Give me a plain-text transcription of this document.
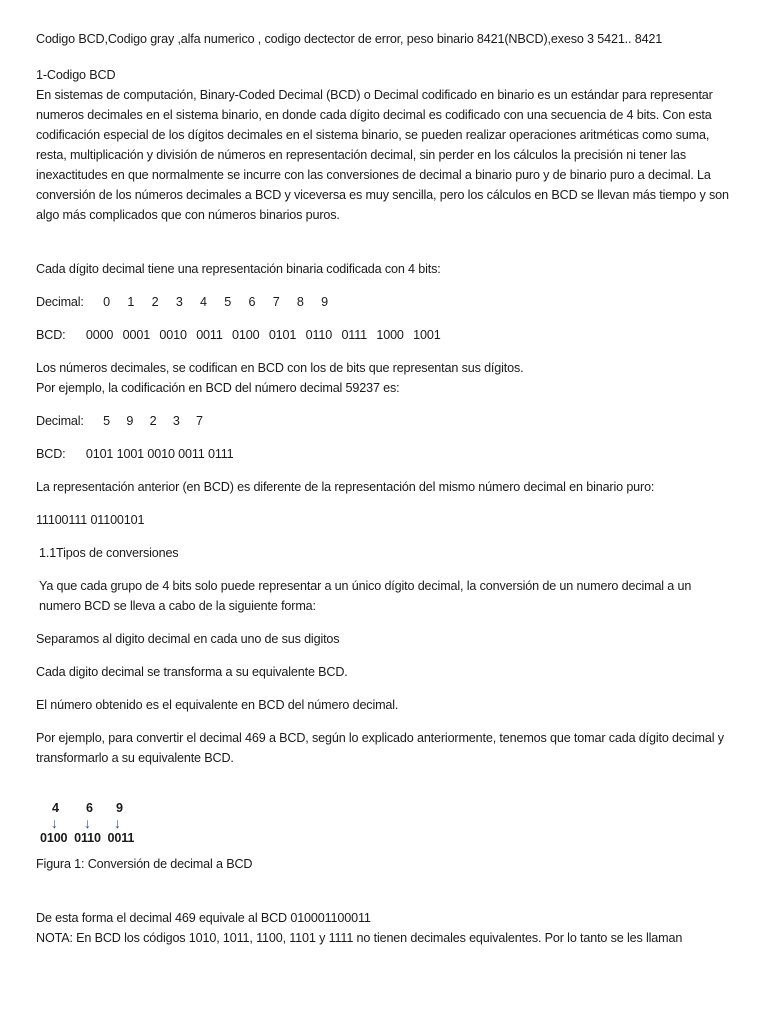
Codigo BCD,Codigo gray ,alfa numerico , codigo dectector de error, peso binario 8421(NBCD),exeso 3 5421.. 8421

1-Codigo BCD

En sistemas de computación, Binary-Coded Decimal (BCD) o Decimal codificado en binario es un estándar para representar numeros decimales en el sistema binario, en donde cada dígito decimal es codificado con una secuencia de 4 bits. Con esta codificación especial de los dígitos decimales en el sistema binario, se pueden realizar operaciones aritméticas como suma, resta, multiplicación y división de números en representación decimal, sin perder en los cálculos la precisión ni tener las inexactitudes en que normalmente se incurre con las conversiones de decimal a binario puro y de binario puro a decimal. La conversión de los números decimales a BCD y viceversa es muy sencilla, pero los cálculos en BCD se llevan más tiempo y son algo más complicados que con números binarios puros.

Cada dígito decimal tiene una representación binaria codificada con 4 bits:

Decimal: 0 1 2 3 4 5 6 7 8 9

BCD: 0000 0001 0010 0011 0100 0101 0110 0111 1000 1001

Los números decimales, se codifican en BCD con los de bits que representan sus dígitos.

Por ejemplo, la codificación en BCD del número decimal 59237 es:

Decimal: 5 9 2 3 7

BCD: 0101 1001 0010 0011 0111

La representación anterior (en BCD) es diferente de la representación del mismo número decimal en binario puro:

11100111 01100101

1.1Tipos de conversiones

Ya que cada grupo de 4 bits solo puede representar a un único dígito decimal, la conversión de un numero decimal a un numero BCD se lleva a cabo de la siguiente forma:

Separamos al digito decimal en cada uno de sus digitos

Cada digito decimal se transforma a su equivalente BCD.

El número obtenido es el equivalente en BCD del número decimal.

Por ejemplo, para convertir el decimal 469 a BCD, según lo explicado anteriormente, tenemos que tomar cada dígito decimal y transformarlo a su equivalente BCD.

4 6 9
↓ ↓ ↓
0100  0110  0011

Figura 1: Conversión de decimal a BCD

De esta forma el decimal 469 equivale al BCD 010001100011

NOTA: En BCD los códigos 1010, 1011, 1100, 1101 y 1111 no tienen decimales equivalentes. Por lo tanto se les llaman
